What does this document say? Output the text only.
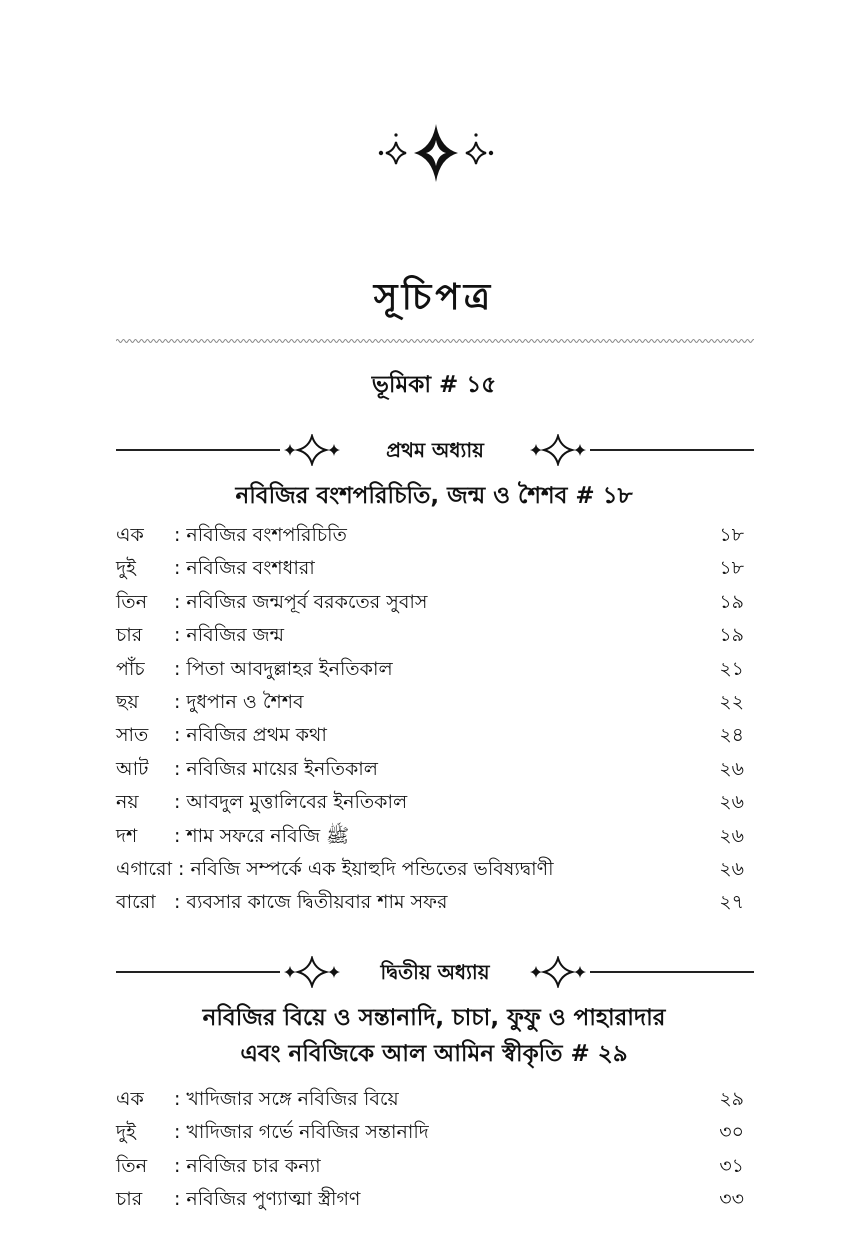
সূচিপত্র
ভূমিকা # ১৫
প্রথম অধ্যায়
নবিজির বংশপরিচিতি, জন্ম ও শৈশব # ১৮
এক : নবিজির বংশপরিচিতি	১৮
দুই : নবিজির বংশধারা	১৮
তিন : নবিজির জন্মপূর্ব বরকতের সুবাস	১৯
চার : নবিজির জন্ম	১৯
পাঁচ : পিতা আবদুল্লাহর ইনতিকাল	২১
ছয় : দুধপান ও শৈশব	২২
সাত : নবিজির প্রথম কথা	২৪
আট : নবিজির মায়ের ইনতিকাল	২৬
নয় : আবদুল মুত্তালিবের ইনতিকাল	২৬
দশ : শাম সফরে নবিজি ﷺ	২৬
এগারো : নবিজি সম্পর্কে এক ইয়াহুদি পন্ডিতের ভবিষ্যদ্বাণী	২৬
বারো : ব্যবসার কাজে দ্বিতীয়বার শাম সফর	২৭
দ্বিতীয় অধ্যায়
নবিজির বিয়ে ও সন্তানাদি, চাচা, ফুফু ও পাহারাদার
এবং নবিজিকে আল আমিন স্বীকৃতি # ২৯
এক : খাদিজার সঙ্গে নবিজির বিয়ে	২৯
দুই : খাদিজার গর্ভে নবিজির সন্তানাদি	৩০
তিন : নবিজির চার কন্যা	৩১
চার : নবিজির পুণ্যাত্মা স্ত্রীগণ	৩৩
